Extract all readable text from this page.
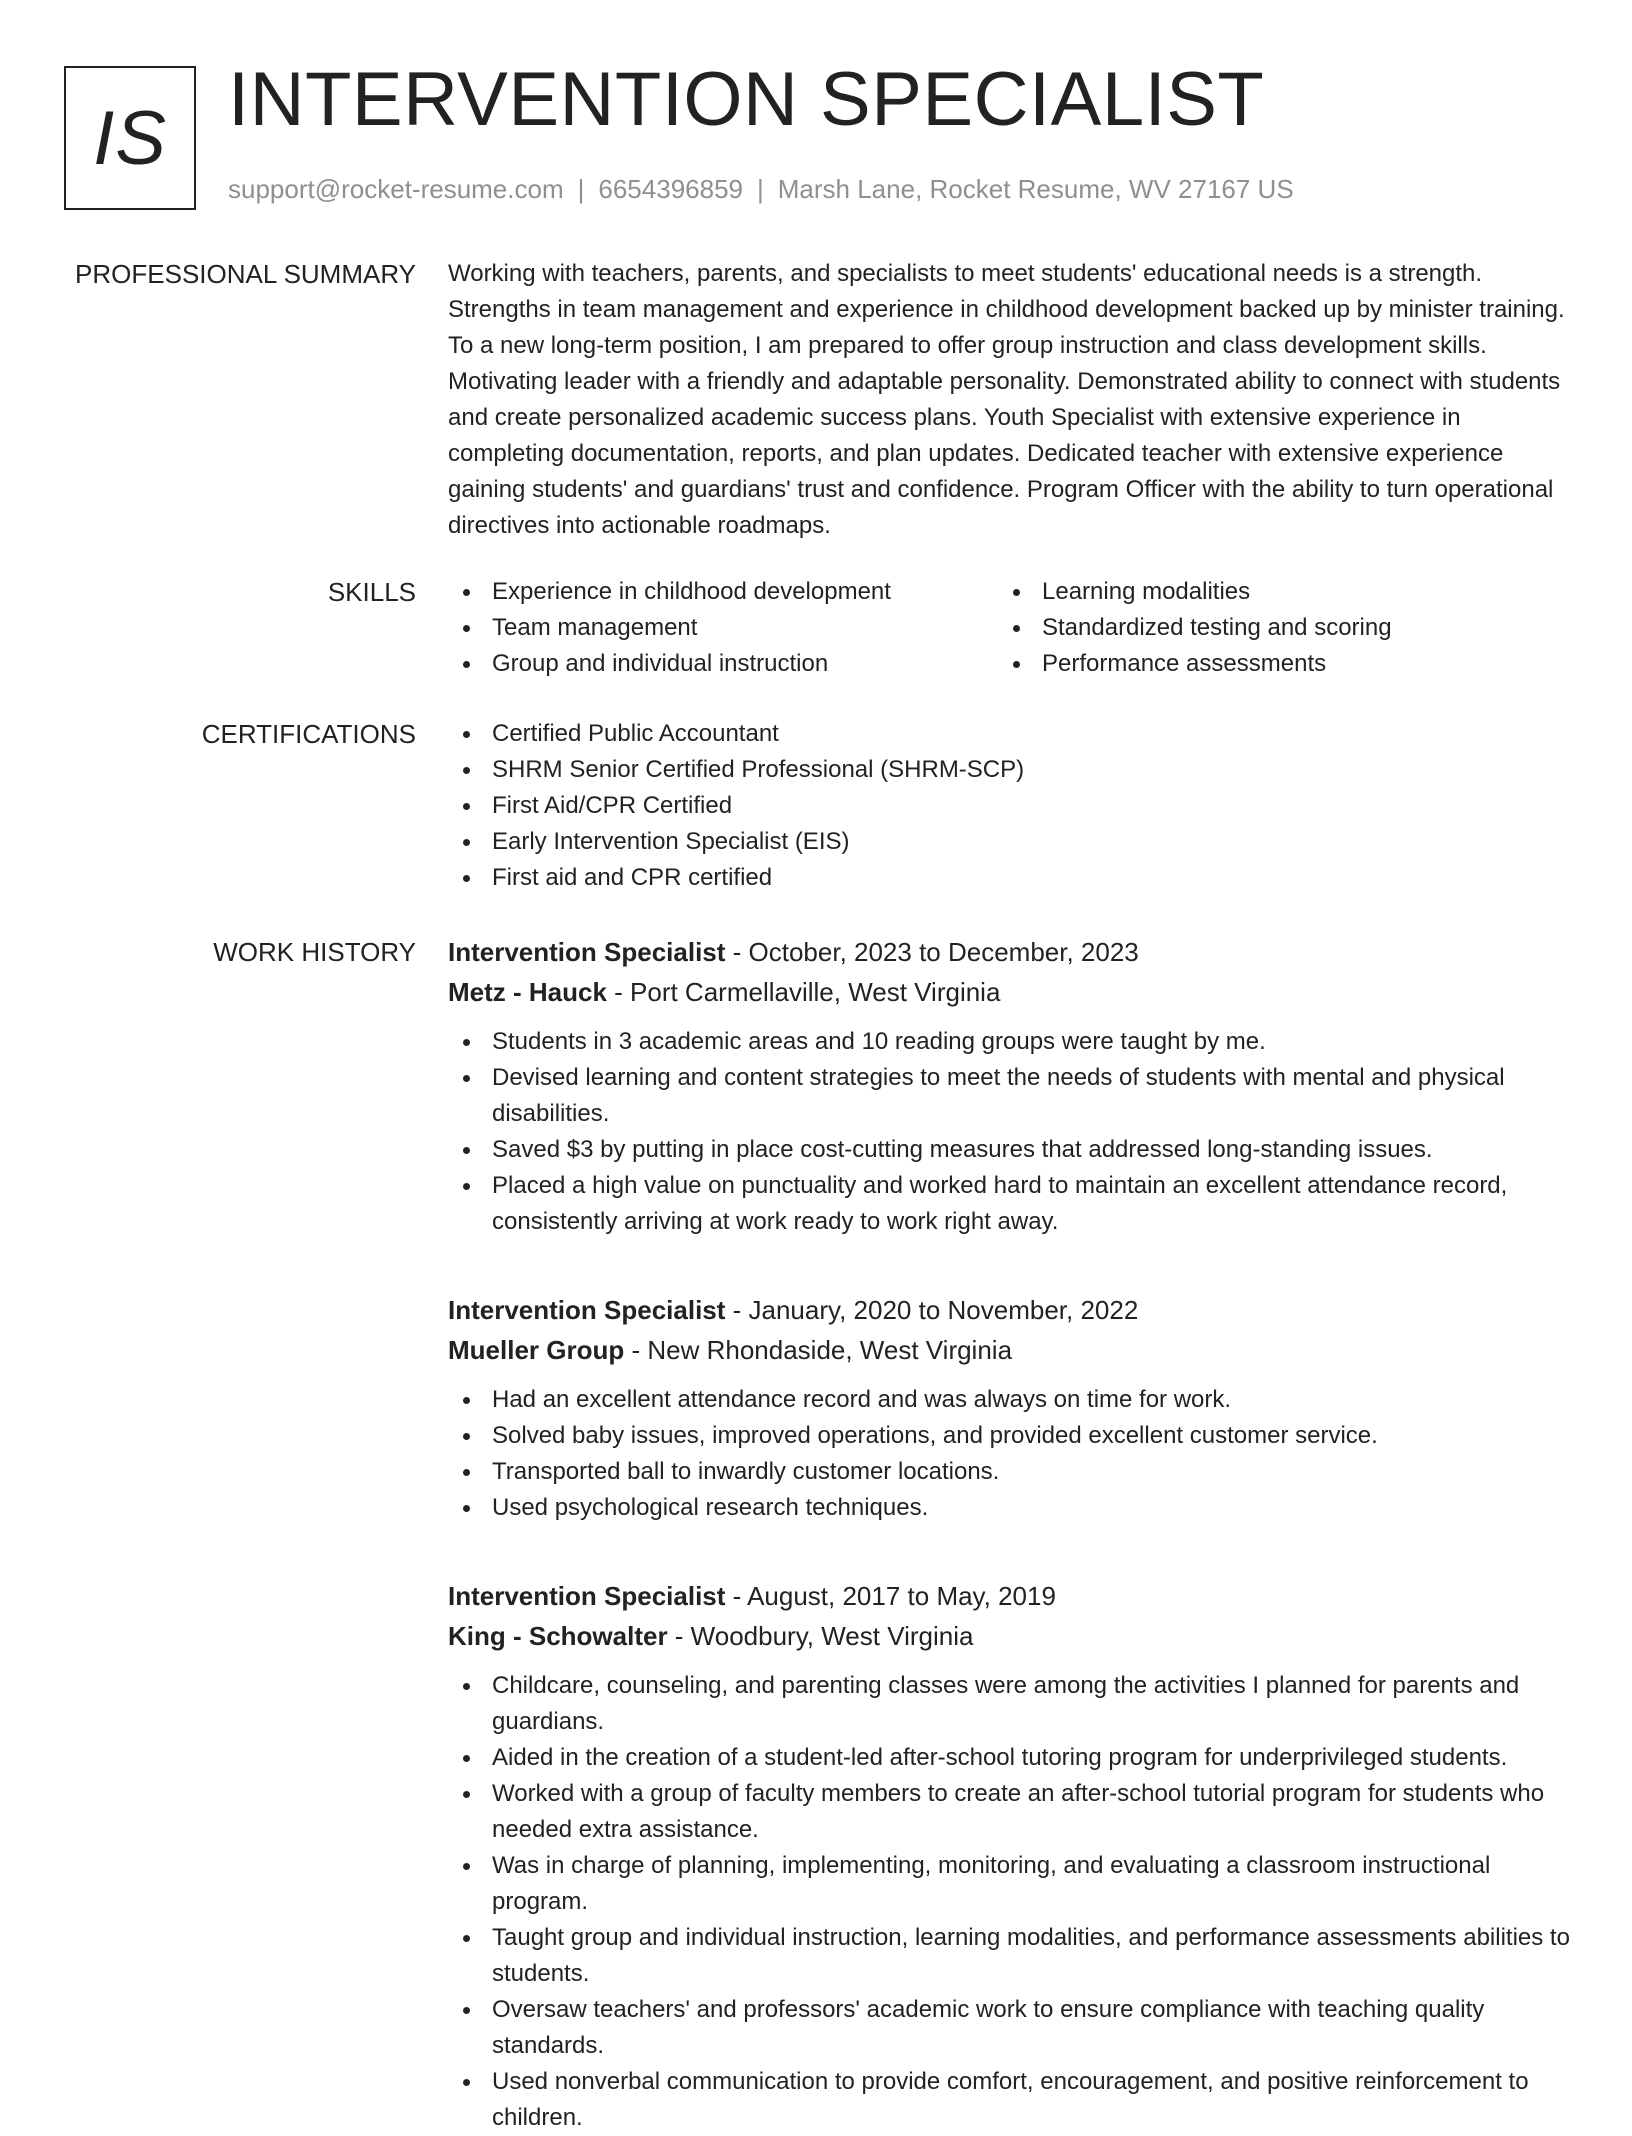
IS INTERVENTION SPECIALIST
support@rocket-resume.com | 6654396859 | Marsh Lane, Rocket Resume, WV 27167 US
PROFESSIONAL SUMMARY Working with teachers, parents, and specialists to meet students' educational needs is a strength. Strengths in team management and experience in childhood development backed up by minister training. To a new long-term position, I am prepared to offer group instruction and class development skills. Motivating leader with a friendly and adaptable personality. Demonstrated ability to connect with students and create personalized academic success plans. Youth Specialist with extensive experience in completing documentation, reports, and plan updates. Dedicated teacher with extensive experience gaining students' and guardians' trust and confidence. Program Officer with the ability to turn operational directives into actionable roadmaps.
SKILLS	Experience in childhood development
Team management
Group and individual instruction
Learning modalities
Standardized testing and scoring
Performance assessments
CERTIFICATIONS	Certified Public Accountant
SHRM Senior Certified Professional (SHRM-SCP)
First Aid/CPR Certified
Early Intervention Specialist (EIS)
First aid and CPR certified
WORK HISTORY Intervention Specialist - October, 2023 to December, 2023
Metz - Hauck - Port Carmellaville, West Virginia
Students in 3 academic areas and 10 reading groups were taught by me.
Devised learning and content strategies to meet the needs of students with mental and physical disabilities.
Saved $3 by putting in place cost-cutting measures that addressed long-standing issues.
Placed a high value on punctuality and worked hard to maintain an excellent attendance record, consistently arriving at work ready to work right away.
Intervention Specialist - January, 2020 to November, 2022
Mueller Group - New Rhondaside, West Virginia
Had an excellent attendance record and was always on time for work.
Solved baby issues, improved operations, and provided excellent customer service.
Transported ball to inwardly customer locations.
Used psychological research techniques.
Intervention Specialist - August, 2017 to May, 2019
King - Schowalter - Woodbury, West Virginia
Childcare, counseling, and parenting classes were among the activities I planned for parents and guardians.
Aided in the creation of a student-led after-school tutoring program for underprivileged students.
Worked with a group of faculty members to create an after-school tutorial program for students who needed extra assistance.
Was in charge of planning, implementing, monitoring, and evaluating a classroom instructional program.
Taught group and individual instruction, learning modalities, and performance assessments abilities to students.
Oversaw teachers' and professors' academic work to ensure compliance with teaching quality standards.
Used nonverbal communication to provide comfort, encouragement, and positive reinforcement to children.
